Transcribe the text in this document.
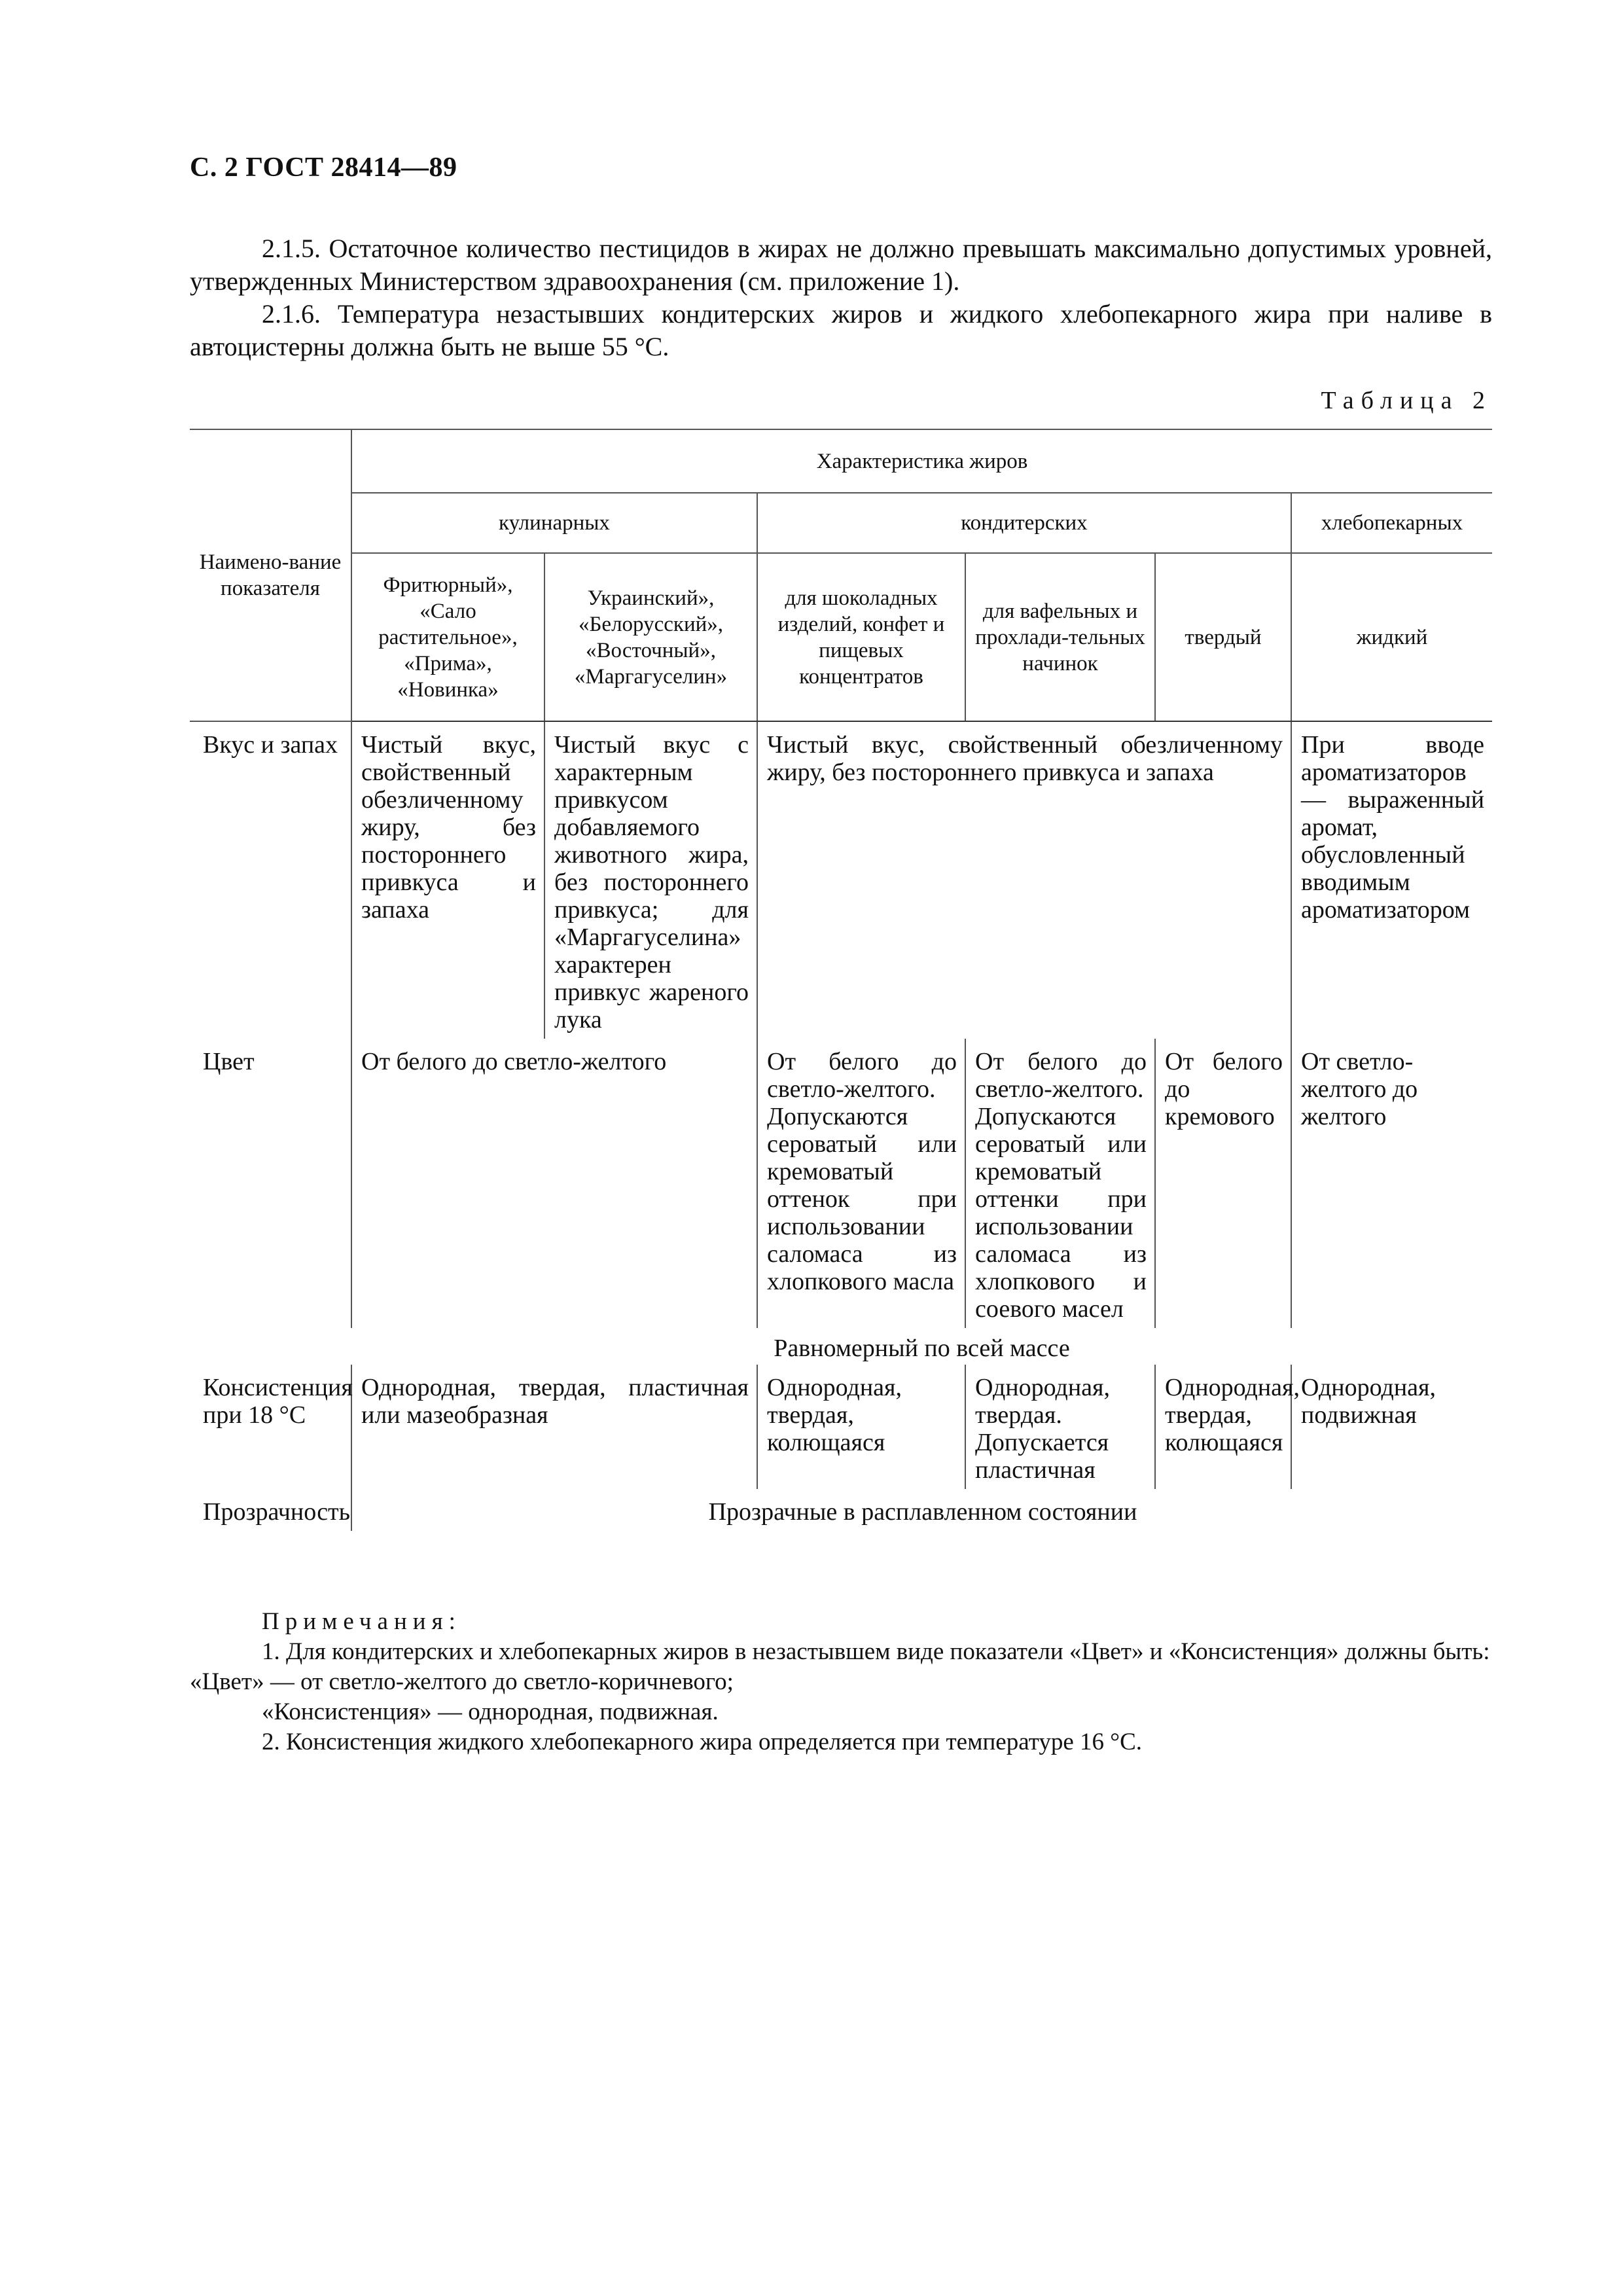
С. 2 ГОСТ 28414—89
2.1.5. Остаточное количество пестицидов в жирах не должно превышать максимально допустимых уровней, утвержденных Министерством здравоохранения (см. приложение 1).
2.1.6. Температура незастывших кондитерских жиров и жидкого хлебопекарного жира при наливе в автоцистерны должна быть не выше 55 °С.
Таблица 2
Наимено-вание показателя	Характеристика жиров					
	кулинарных		кондитерских			хлебопекарных
	Фритюрный», «Сало растительное», «Прима», «Новинка»	Украинский», «Белорусский», «Восточный», «Маргагуселин»	для шоколадных изделий, конфет и пищевых концентратов	для вафельных и прохлади-тельных начинок	твердый	жидкий
Вкус и запах	Чистый вкус, свойственный обезличенному жиру, без постороннего привкуса и запаха	Чистый вкус с характерным привкусом добавляемого животного жира, без постороннего привкуса; для «Маргагуселина» характерен привкус жареного лука	Чистый вкус, свойственный обезличенному жиру, без постороннего привкуса и запаха			При вводе ароматизаторов — выраженный аромат, обусловленный вводимым ароматизатором
Цвет	От белого до светло-желтого		От белого до светло-желтого. Допускаются сероватый или кремоватый оттенок при использовании саломаса из хлопкового масла	От белого до светло-желтого. Допускаются сероватый или кремоватый оттенки при использовании саломаса из хлопкового и соевого масел	От белого до кремового	От светло-желтого до желтого
	Равномерный по всей массе					
Консистенция при 18 °С	Однородная, твердая, пластичная или мазеобразная		Однородная, твердая, колющаяся	Однородная, твердая. Допускается пластичная	Однородная, твердая, колющаяся	Однородная, подвижная
Прозрачность	Прозрачные в расплавленном состоянии					
Примечания:
1. Для кондитерских и хлебопекарных жиров в незастывшем виде показатели «Цвет» и «Консистенция» должны быть: «Цвет» — от светло-желтого до светло-коричневого;
«Консистенция» — однородная, подвижная.
2. Консистенция жидкого хлебопекарного жира определяется при температуре 16 °С.
